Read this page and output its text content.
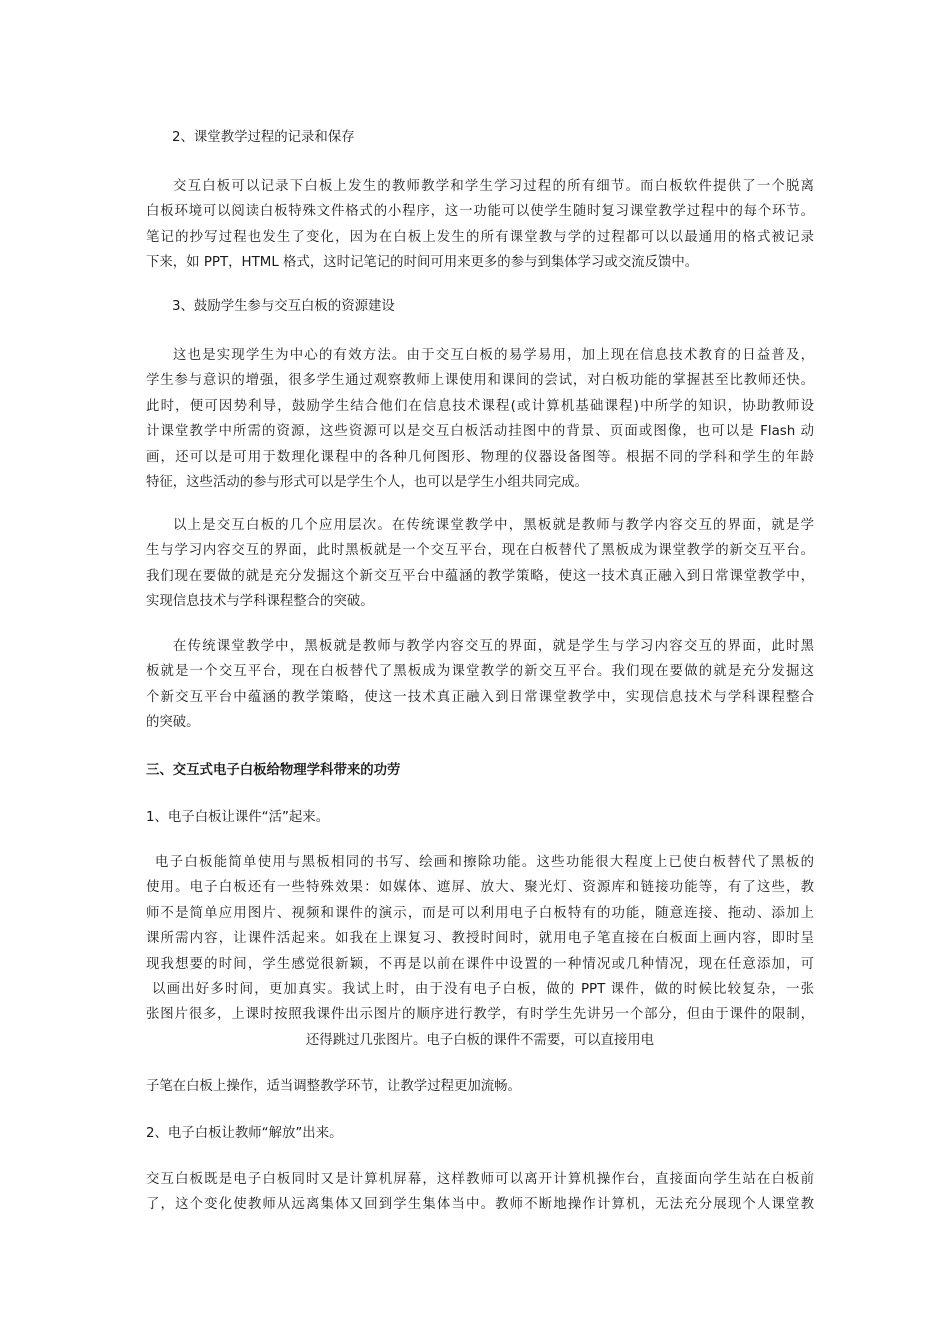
2、课堂教学过程的记录和保存
交互白板可以记录下白板上发生的教师教学和学生学习过程的所有细节。而白板软件提供了一个脱离
白板环境可以阅读白板特殊文件格式的小程序，这一功能可以使学生随时复习课堂教学过程中的每个环节。
笔记的抄写过程也发生了变化，因为在白板上发生的所有课堂教与学的过程都可以以最通用的格式被记录
下来，如 PPT，HTML 格式，这时记笔记的时间可用来更多的参与到集体学习或交流反馈中。
3、鼓励学生参与交互白板的资源建设
这也是实现学生为中心的有效方法。由于交互白板的易学易用，加上现在信息技术教育的日益普及，
学生参与意识的增强，很多学生通过观察教师上课使用和课间的尝试，对白板功能的掌握甚至比教师还快。
此时，便可因势利导，鼓励学生结合他们在信息技术课程(或计算机基础课程)中所学的知识，协助教师设
计课堂教学中所需的资源，这些资源可以是交互白板活动挂图中的背景、页面或图像，也可以是 Flash 动
画，还可以是可用于数理化课程中的各种几何图形、物理的仪器设备图等。根据不同的学科和学生的年龄
特征，这些活动的参与形式可以是学生个人，也可以是学生小组共同完成。
以上是交互白板的几个应用层次。在传统课堂教学中，黑板就是教师与教学内容交互的界面，就是学
生与学习内容交互的界面，此时黑板就是一个交互平台，现在白板替代了黑板成为课堂教学的新交互平台。
我们现在要做的就是充分发掘这个新交互平台中蕴涵的教学策略，使这一技术真正融入到日常课堂教学中，
实现信息技术与学科课程整合的突破。
在传统课堂教学中，黑板就是教师与教学内容交互的界面，就是学生与学习内容交互的界面，此时黑
板就是一个交互平台，现在白板替代了黑板成为课堂教学的新交互平台。我们现在要做的就是充分发掘这
个新交互平台中蕴涵的教学策略，使这一技术真正融入到日常课堂教学中，实现信息技术与学科课程整合
的突破。
三、交互式电子白板给物理学科带来的功劳
1、电子白板让课件“活”起来。
电子白板能简单使用与黑板相同的书写、绘画和擦除功能。这些功能很大程度上已使白板替代了黑板的
使用。电子白板还有一些特殊效果：如媒体、遮屏、放大、聚光灯、资源库和链接功能等，有了这些，教
师不是简单应用图片、视频和课件的演示，而是可以利用电子白板特有的功能，随意连接、拖动、添加上
课所需内容，让课件活起来。如我在上课复习、教授时间时，就用电子笔直接在白板面上画内容，即时呈
现我想要的时间，学生感觉很新颖，不再是以前在课件中设置的一种情况或几种情况，现在任意添加，可
以画出好多时间，更加真实。我试上时，由于没有电子白板，做的 PPT 课件，做的时候比较复杂，一张
张图片很多，上课时按照我课件出示图片的顺序进行教学，有时学生先讲另一个部分，但由于课件的限制，
还得跳过几张图片。电子白板的课件不需要，可以直接用电
子笔在白板上操作，适当调整教学环节，让教学过程更加流畅。
2、电子白板让教师“解放”出来。
交互白板既是电子白板同时又是计算机屏幕，这样教师可以离开计算机操作台，直接面向学生站在白板前
了，这个变化使教师从远离集体又回到学生集体当中。教师不断地操作计算机，无法充分展现个人课堂教
